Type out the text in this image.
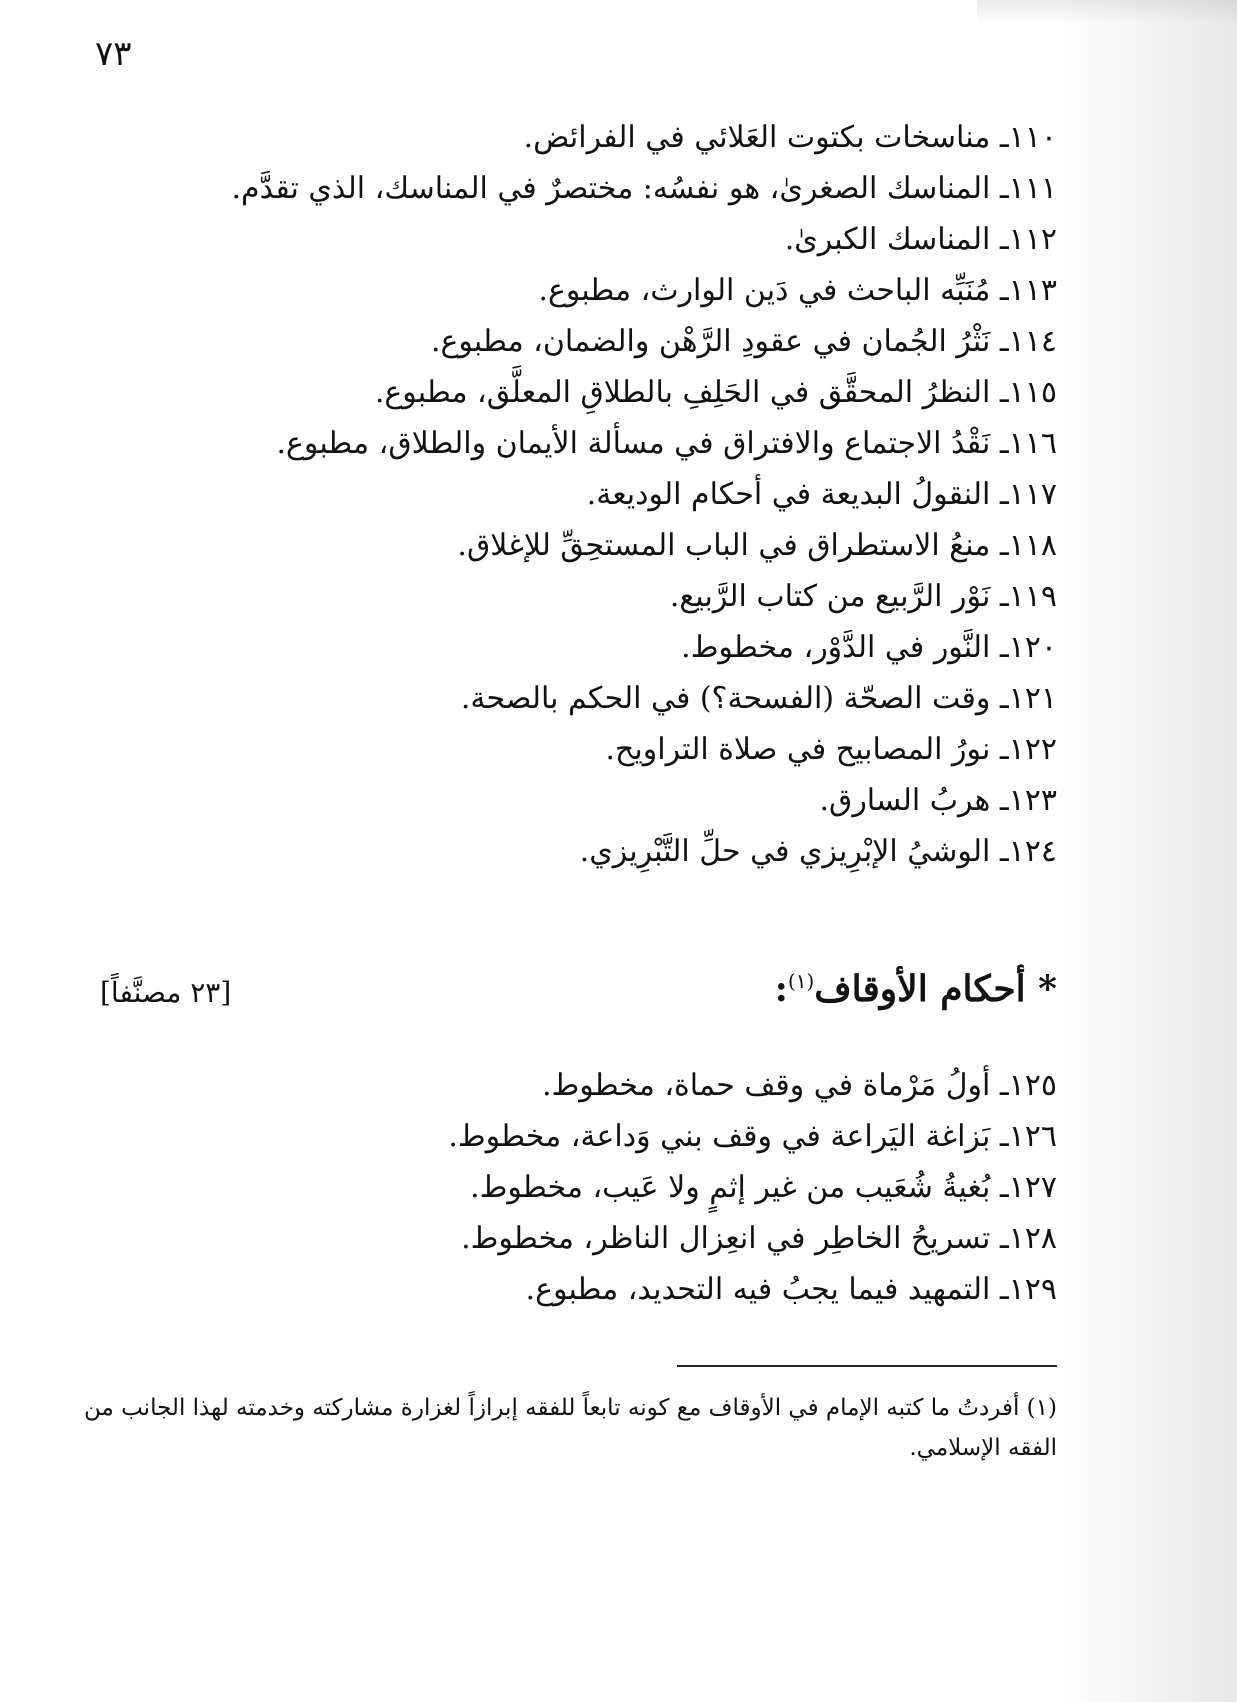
٧٣
١١٠ـ مناسخات بكتوت العَلائي في الفرائض.
١١١ـ المناسك الصغرىٰ، هو نفسُه: مختصرٌ في المناسك، الذي تقدَّم.
١١٢ـ المناسك الكبرىٰ.
١١٣ـ مُنَبِّه الباحث في دَين الوارث، مطبوع.
١١٤ـ نَثْرُ الجُمان في عقودِ الرَّهْن والضمان، مطبوع.
١١٥ـ النظرُ المحقَّق في الحَلِفِ بالطلاقِ المعلَّق، مطبوع.
١١٦ـ نَقْدُ الاجتماع والافتراق في مسألة الأيمان والطلاق، مطبوع.
١١٧ـ النقولُ البديعة في أحكام الوديعة.
١١٨ـ منعُ الاستطراق في الباب المستحِقِّ للإغلاق.
١١٩ـ نَوْر الرَّبيع من كتاب الرَّبيع.
١٢٠ـ النَّور في الدَّوْر، مخطوط.
١٢١ـ وقت الصحّة (الفسحة؟) في الحكم بالصحة.
١٢٢ـ نورُ المصابيح في صلاة التراويح.
١٢٣ـ هربُ السارق.
١٢٤ـ الوشيُ الإبْرِيزي في حلِّ التَّبْرِيزي.
* أحكام الأوقاف$^{(١)}$:
[٢٣ مصنَّفاً]
١٢٥ـ أولُ مَرْماة في وقف حماة، مخطوط.
١٢٦ـ بَزاغة اليَراعة في وقف بني وَداعة، مخطوط.
١٢٧ـ بُغيةُ شُعَيب من غير إثمٍ ولا عَيب، مخطوط.
١٢٨ـ تسريحُ الخاطِر في انعِزال الناظر، مخطوط.
١٢٩ـ التمهيد فيما يجبُ فيه التحديد، مطبوع.
(١) أفردتُ ما كتبه الإمام في الأوقاف مع كونه تابعاً للفقه إبرازاً لغزارة مشاركته وخدمته لهذا الجانب من الفقه الإسلامي.
